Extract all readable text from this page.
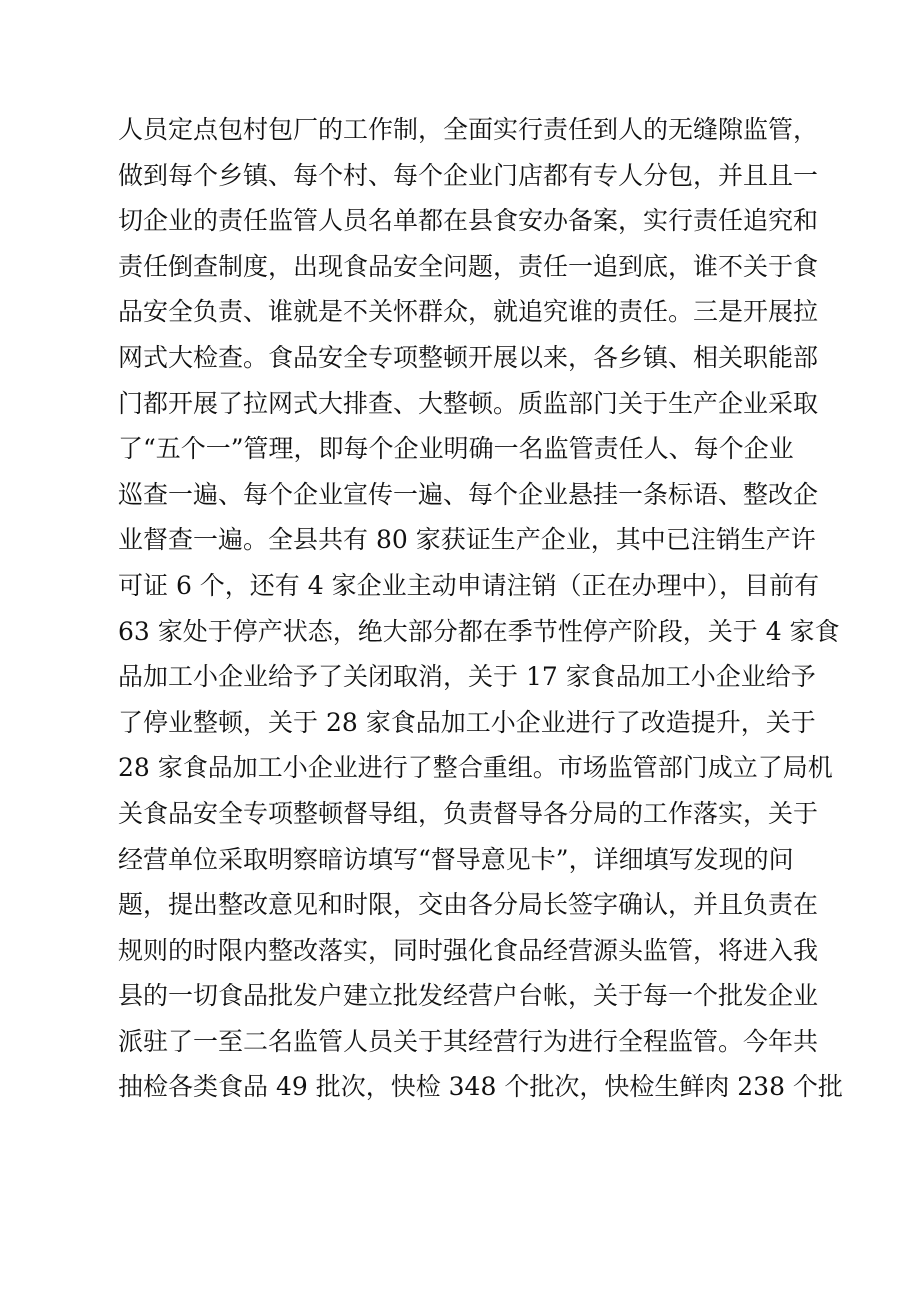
人员定点包村包厂的工作制，全面实行责任到人的无缝隙监管，
做到每个乡镇、每个村、每个企业门店都有专人分包，并且且一
切企业的责任监管人员名单都在县食安办备案，实行责任追究和
责任倒查制度，出现食品安全问题，责任一追到底，谁不关于食
品安全负责、谁就是不关怀群众，就追究谁的责任。三是开展拉
网式大检查。食品安全专项整顿开展以来，各乡镇、相关职能部
门都开展了拉网式大排查、大整顿。质监部门关于生产企业采取
了“五个一”管理，即每个企业明确一名监管责任人、每个企业
巡查一遍、每个企业宣传一遍、每个企业悬挂一条标语、整改企
业督查一遍。全县共有 80 家获证生产企业，其中已注销生产许
可证 6 个，还有 4 家企业主动申请注销（正在办理中），目前有
63 家处于停产状态，绝大部分都在季节性停产阶段，关于 4 家食
品加工小企业给予了关闭取消，关于 17 家食品加工小企业给予
了停业整顿，关于 28 家食品加工小企业进行了改造提升，关于
28 家食品加工小企业进行了整合重组。市场监管部门成立了局机
关食品安全专项整顿督导组，负责督导各分局的工作落实，关于
经营单位采取明察暗访填写“督导意见卡”，详细填写发现的问
题，提出整改意见和时限，交由各分局长签字确认，并且负责在
规则的时限内整改落实，同时强化食品经营源头监管，将进入我
县的一切食品批发户建立批发经营户台帐，关于每一个批发企业
派驻了一至二名监管人员关于其经营行为进行全程监管。今年共
抽检各类食品 49 批次，快检 348 个批次，快检生鲜肉 238 个批
